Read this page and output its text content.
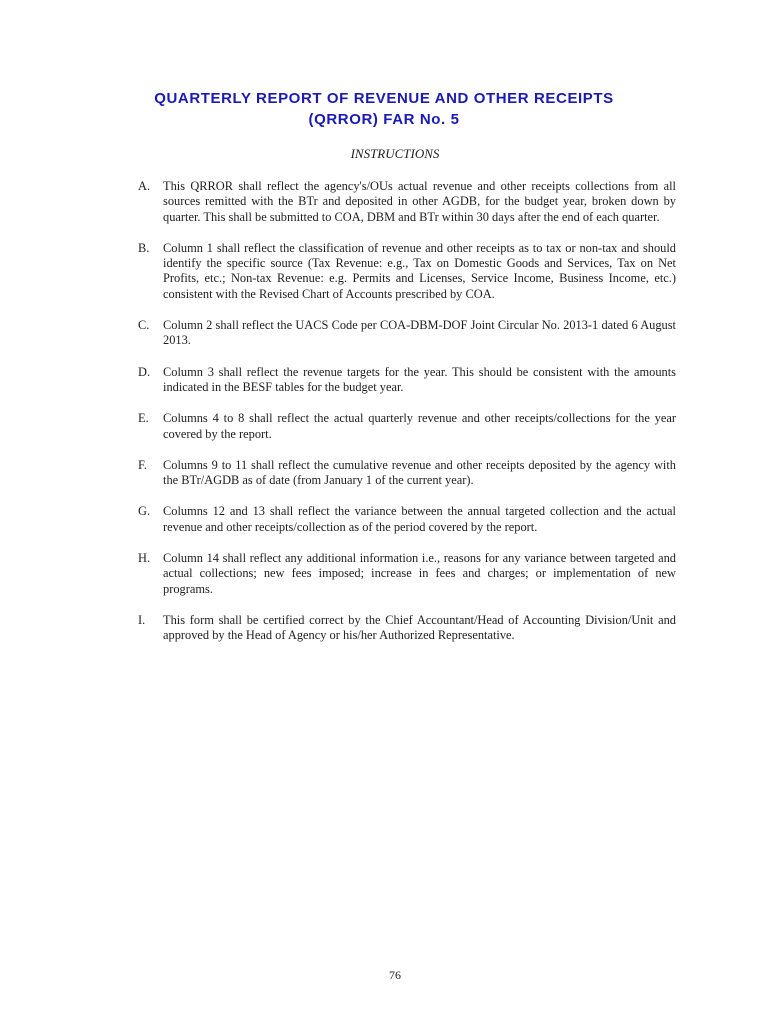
QUARTERLY REPORT OF REVENUE AND OTHER RECEIPTS
(QRROR) FAR No. 5
INSTRUCTIONS
A. This QRROR shall reflect the agency's/OUs actual revenue and other receipts collections from all sources remitted with the BTr and deposited in other AGDB, for the budget year, broken down by quarter. This shall be submitted to COA, DBM and BTr within 30 days after the end of each quarter.
B. Column 1 shall reflect the classification of revenue and other receipts as to tax or non-tax and should identify the specific source (Tax Revenue: e.g., Tax on Domestic Goods and Services, Tax on Net Profits, etc.; Non-tax Revenue: e.g. Permits and Licenses, Service Income, Business Income, etc.) consistent with the Revised Chart of Accounts prescribed by COA.
C. Column 2 shall reflect the UACS Code per COA-DBM-DOF Joint Circular No. 2013-1 dated 6 August 2013.
D. Column 3 shall reflect the revenue targets for the year. This should be consistent with the amounts indicated in the BESF tables for the budget year.
E. Columns 4 to 8 shall reflect the actual quarterly revenue and other receipts/collections for the year covered by the report.
F. Columns 9 to 11 shall reflect the cumulative revenue and other receipts deposited by the agency with the BTr/AGDB as of date (from January 1 of the current year).
G. Columns 12 and 13 shall reflect the variance between the annual targeted collection and the actual revenue and other receipts/collection as of the period covered by the report.
H. Column 14 shall reflect any additional information i.e., reasons for any variance between targeted and actual collections; new fees imposed; increase in fees and charges; or implementation of new programs.
I. This form shall be certified correct by the Chief Accountant/Head of Accounting Division/Unit and approved by the Head of Agency or his/her Authorized Representative.
76
